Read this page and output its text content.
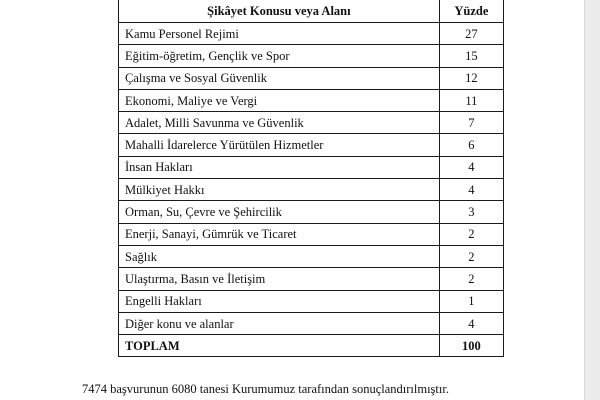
Şikâyet Konusu veya Alanı	Yüzde
Kamu Personel Rejimi	27
Eğitim-öğretim, Gençlik ve Spor	15
Çalışma ve Sosyal Güvenlik	12
Ekonomi, Maliye ve Vergi	11
Adalet, Milli Savunma ve Güvenlik	7
Mahalli İdarelerce Yürütülen Hizmetler	6
İnsan Hakları	4
Mülkiyet Hakkı	4
Orman, Su, Çevre ve Şehircilik	3
Enerji, Sanayi, Gümrük ve Ticaret	2
Sağlık	2
Ulaştırma, Basın ve İletişim	2
Engelli Hakları	1
Diğer konu ve alanlar	4
TOPLAM	100
7474 başvurunun 6080 tanesi Kurumumuz tarafından sonuçlandırılmıştır.
